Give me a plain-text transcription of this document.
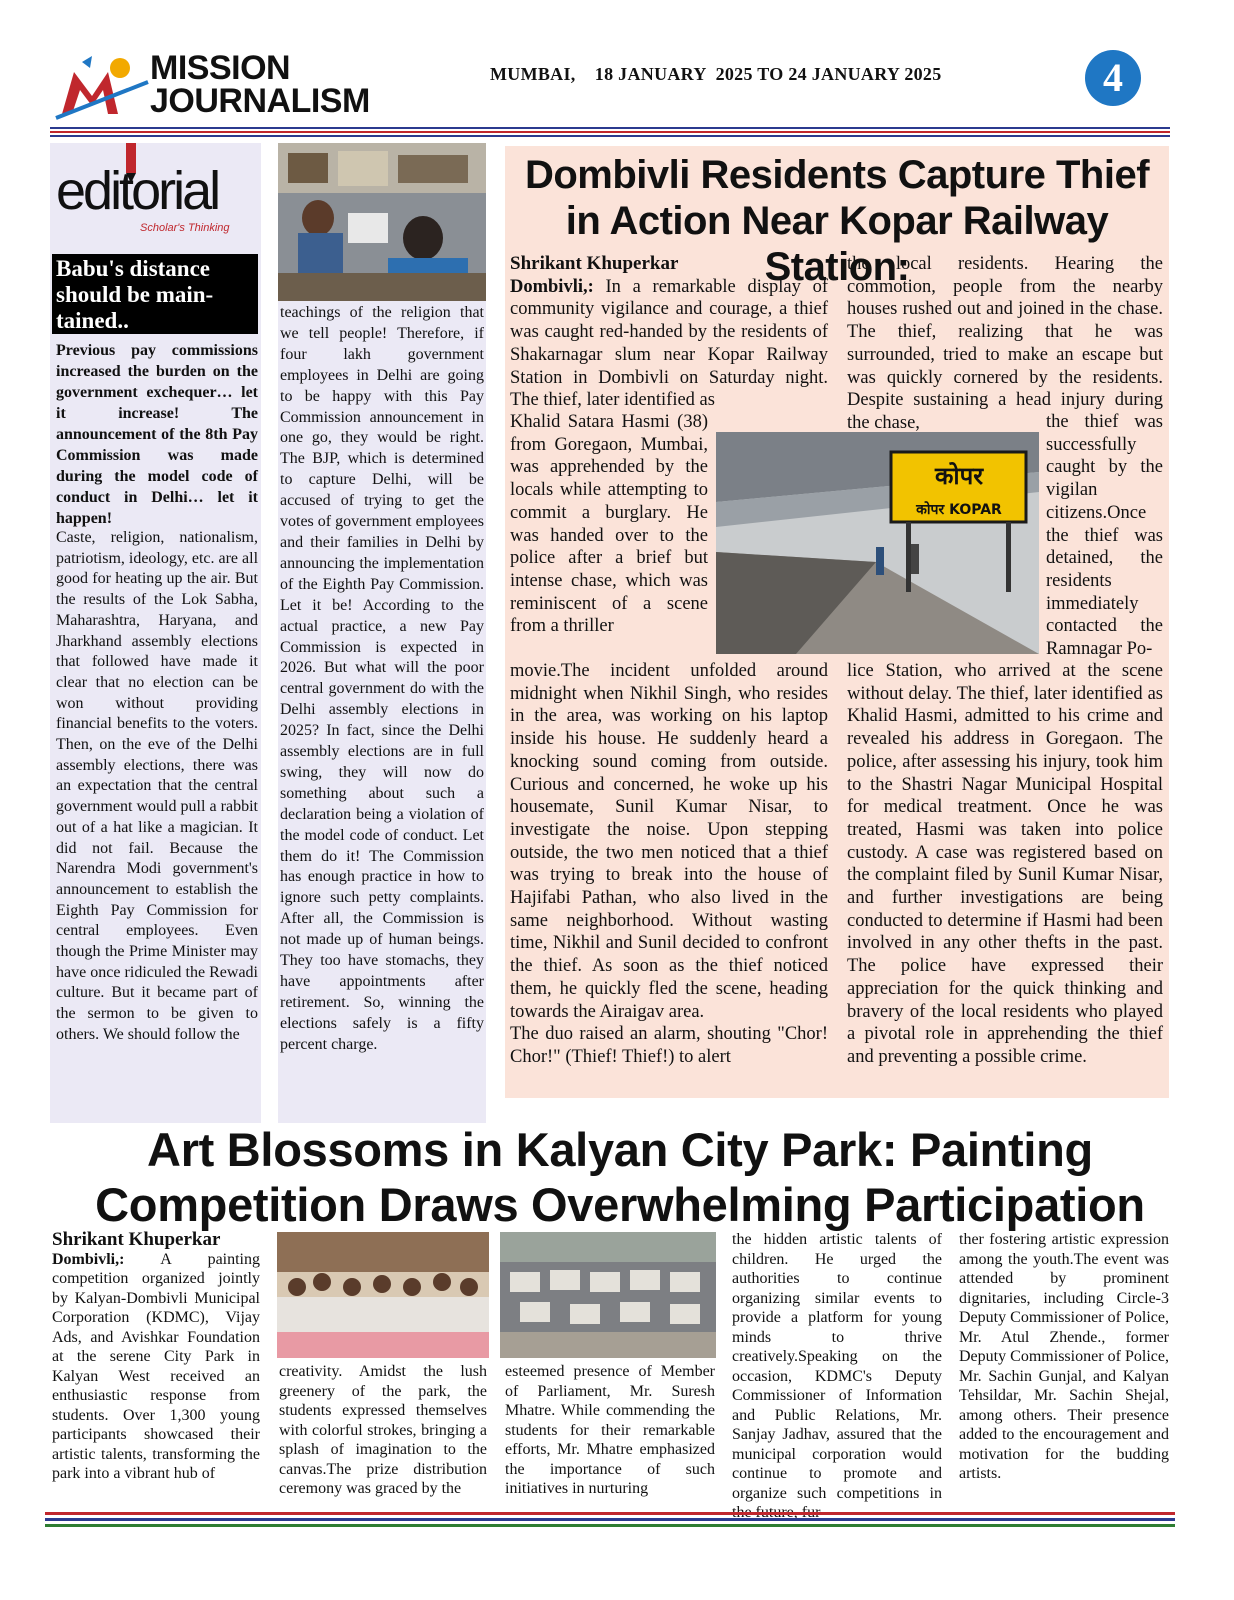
MISSION
JOURNALISM
MUMBAI,    18 JANUARY  2025 TO 24 JANUARY 2025	4
editorial
Scholar's Thinking
Babu's distance should be main-tained..
Previous pay commissions increased the burden on the government exchequer… let it increase! The announcement of the 8th Pay Commission was made during the model code of conduct in Delhi… let it happen!
Caste, religion, nationalism, patriotism, ideology, etc. are all good for heating up the air. But the results of the Lok Sabha, Maharashtra, Haryana, and Jharkhand assembly elections that followed have made it clear that no election can be won without providing financial benefits to the voters. Then, on the eve of the Delhi assembly elections, there was an expectation that the central government would pull a rabbit out of a hat like a magician. It did not fail. Because the Narendra Modi government's announcement to establish the Eighth Pay Commission for central employees. Even though the Prime Minister may have once ridiculed the Rewadi culture. But it became part of the sermon to be given to others. We should follow the
teachings of the religion that we tell people! Therefore, if four lakh government employees in Delhi are going to be happy with this Pay Commission announcement in one go, they would be right. The BJP, which is determined to capture Delhi, will be accused of trying to get the votes of government employees and their families in Delhi by announcing the implementation of the Eighth Pay Commission. Let it be! According to the actual practice, a new Pay Commission is expected in 2026. But what will the poor central government do with the Delhi assembly elections in 2025? In fact, since the Delhi assembly elections are in full swing, they will now do something about such a declaration being a violation of the model code of conduct. Let them do it! The Commission has enough practice in how to ignore such petty complaints. After all, the Commission is not made up of human beings. They too have stomachs, they have appointments after retirement. So, winning the elections safely is a fifty percent charge.
Dombivli Residents Capture Thief in Action Near Kopar Railway Station:

Shrikant Khuperkar

Dombivli,: In a remarkable display of community vigilance and courage, a thief was caught red-handed by the residents of Shakarnagar slum near Kopar Railway Station in Dombivli on Saturday night. The thief, later identified as

Khalid Satara Hasmi (38) from Goregaon, Mumbai, was apprehended by the locals while attempting to commit a burglary. He was handed over to the police after a brief but intense chase, which was reminiscent of a scene from a thriller
कोपर
कोपर KOPAR

movie.The incident unfolded around midnight when Nikhil Singh, who resides in the area, was working on his laptop inside his house. He suddenly heard a knocking sound coming from outside. Curious and concerned, he woke up his housemate, Sunil Kumar Nisar, to investigate the noise. Upon stepping outside, the two men noticed that a thief was trying to break into the house of Hajifabi Pathan, who also lived in the same neighborhood. Without wasting time, Nikhil and Sunil decided to confront the thief. As soon as the thief noticed them, he quickly fled the scene, heading towards the Airaigav area.

The duo raised an alarm, shouting "Chor! Chor!" (Thief! Thief!) to alert

the local residents. Hearing the commotion, people from the nearby houses rushed out and joined in the chase. The thief, realizing that he was surrounded, tried to make an escape but was quickly cornered by the residents. Despite sustaining a head injury during the chase,	the thief was successfully caught by the vigilan citizens.Once the thief was detained, the residents immediately contacted the Ramnagar Po-
lice Station, who arrived at the scene without delay. The thief, later identified as Khalid Hasmi, admitted to his crime and revealed his address in Goregaon. The police, after assessing his injury, took him to the Shastri Nagar Municipal Hospital for medical treatment. Once he was treated, Hasmi was taken into police custody. A case was registered based on the complaint filed by Sunil Kumar Nisar, and further investigations are being conducted to determine if Hasmi had been involved in any other thefts in the past. The police have expressed their appreciation for the quick thinking and bravery of the local residents who played a pivotal role in apprehending the thief and preventing a possible crime.
Art Blossoms in Kalyan City Park: Painting Competition Draws Overwhelming Participation

Shrikant Khuperkar

Dombivli,: A painting competition organized jointly by Kalyan-Dombivli Municipal Corporation (KDMC), Vijay Ads, and Avishkar Foundation at the serene City Park in Kalyan West received an enthusiastic response from students. Over 1,300 young participants showcased their artistic talents, transforming the park into a vibrant hub of

creativity. Amidst the lush greenery of the park, the students expressed themselves with colorful strokes, bringing a splash of imagination to the canvas.The prize distribution ceremony was graced by the
esteemed presence of Member of Parliament, Mr. Suresh Mhatre. While commending the students for their remarkable efforts, Mr. Mhatre emphasized the importance of such initiatives in nurturing
the hidden artistic talents of children. He urged the authorities to continue organizing similar events to provide a platform for young minds to thrive creatively.Speaking on the occasion, KDMC's Deputy Commissioner of Information and Public Relations, Mr. Sanjay Jadhav, assured that the municipal corporation would continue to promote and organize such competitions in
ther fostering artistic expression among the youth.The event was attended by prominent dignitaries, including Circle-3 Deputy Commissioner of Police, Mr. Atul Zhende., former Deputy Commissioner of Police, Mr. Sachin Gunjal, and Kalyan Tehsildar, Mr. Sachin Shejal, among others. Their presence added to the encouragement and motivation for the budding artists.
